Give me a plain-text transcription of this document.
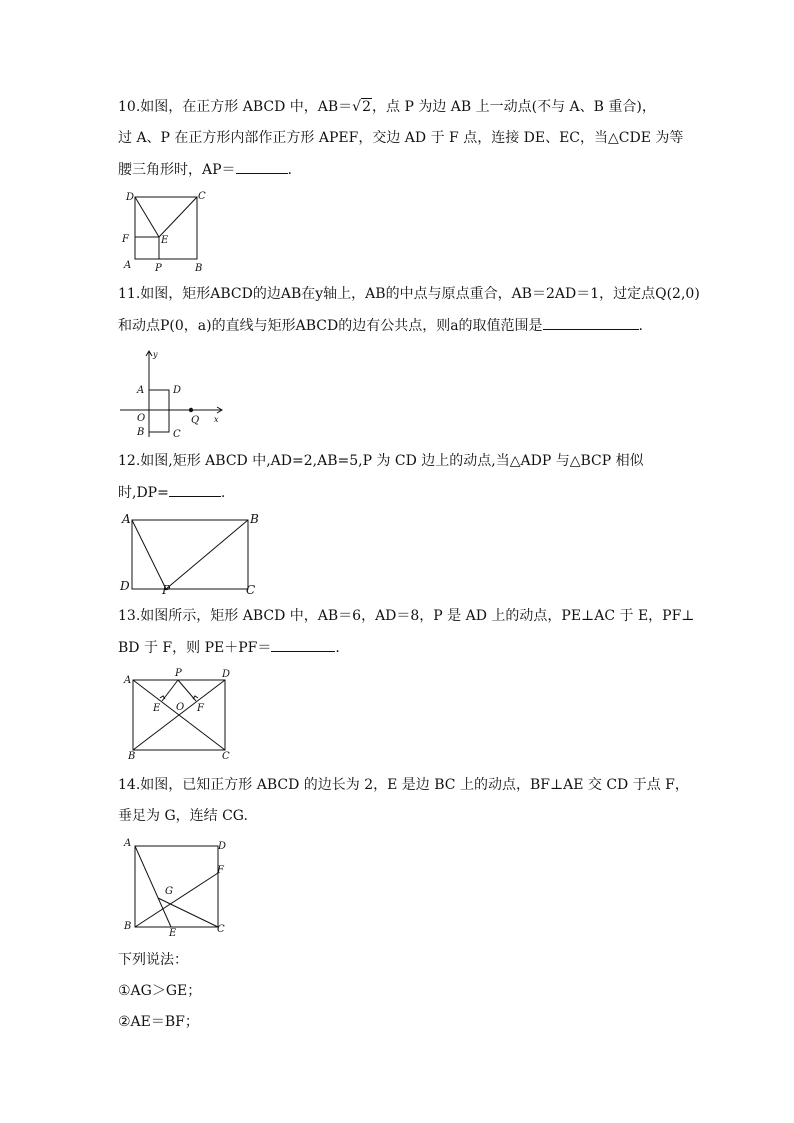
10.如图，在正方形 ABCD 中，AB＝√2，点 P 为边 AB 上一动点(不与 A、B 重合)，
过 A、P 在正方形内部作正方形 APEF，交边 AD 于 F 点，连接 DE、EC，当△CDE 为等
腰三角形时，AP＝	.
D	C
F	E
A P	B
11.如图，矩形ABCD的边AB在y轴上，AB的中点与原点重合，AB＝2AD＝1，过定点Q(2,0)
和动点P(0，a)的直线与矩形ABCD的边有公共点，则a的取值范围是	.
y
A	D
O	Q x
B	C
12.如图,矩形 ABCD 中,AD=2,AB=5,P 为 CD 边上的动点,当△ADP 与△BCP 相似
时,DP=	.
A	B
D	P	C
13.如图所示，矩形 ABCD 中，AB＝6，AD＝8，P 是 AD 上的动点，PE⊥AC 于 E，PF⊥
BD 于 F，则 PE＋PF＝	.
A
P	D
E O F
B	C
14.如图，已知正方形 ABCD 的边长为 2，E 是边 BC 上的动点，BF⊥AE 交 CD 于点 F，
垂足为 G，连结 CG.
A	D
F
G
B
E	C
下列说法：
①AG＞GE；
②AE＝BF；
